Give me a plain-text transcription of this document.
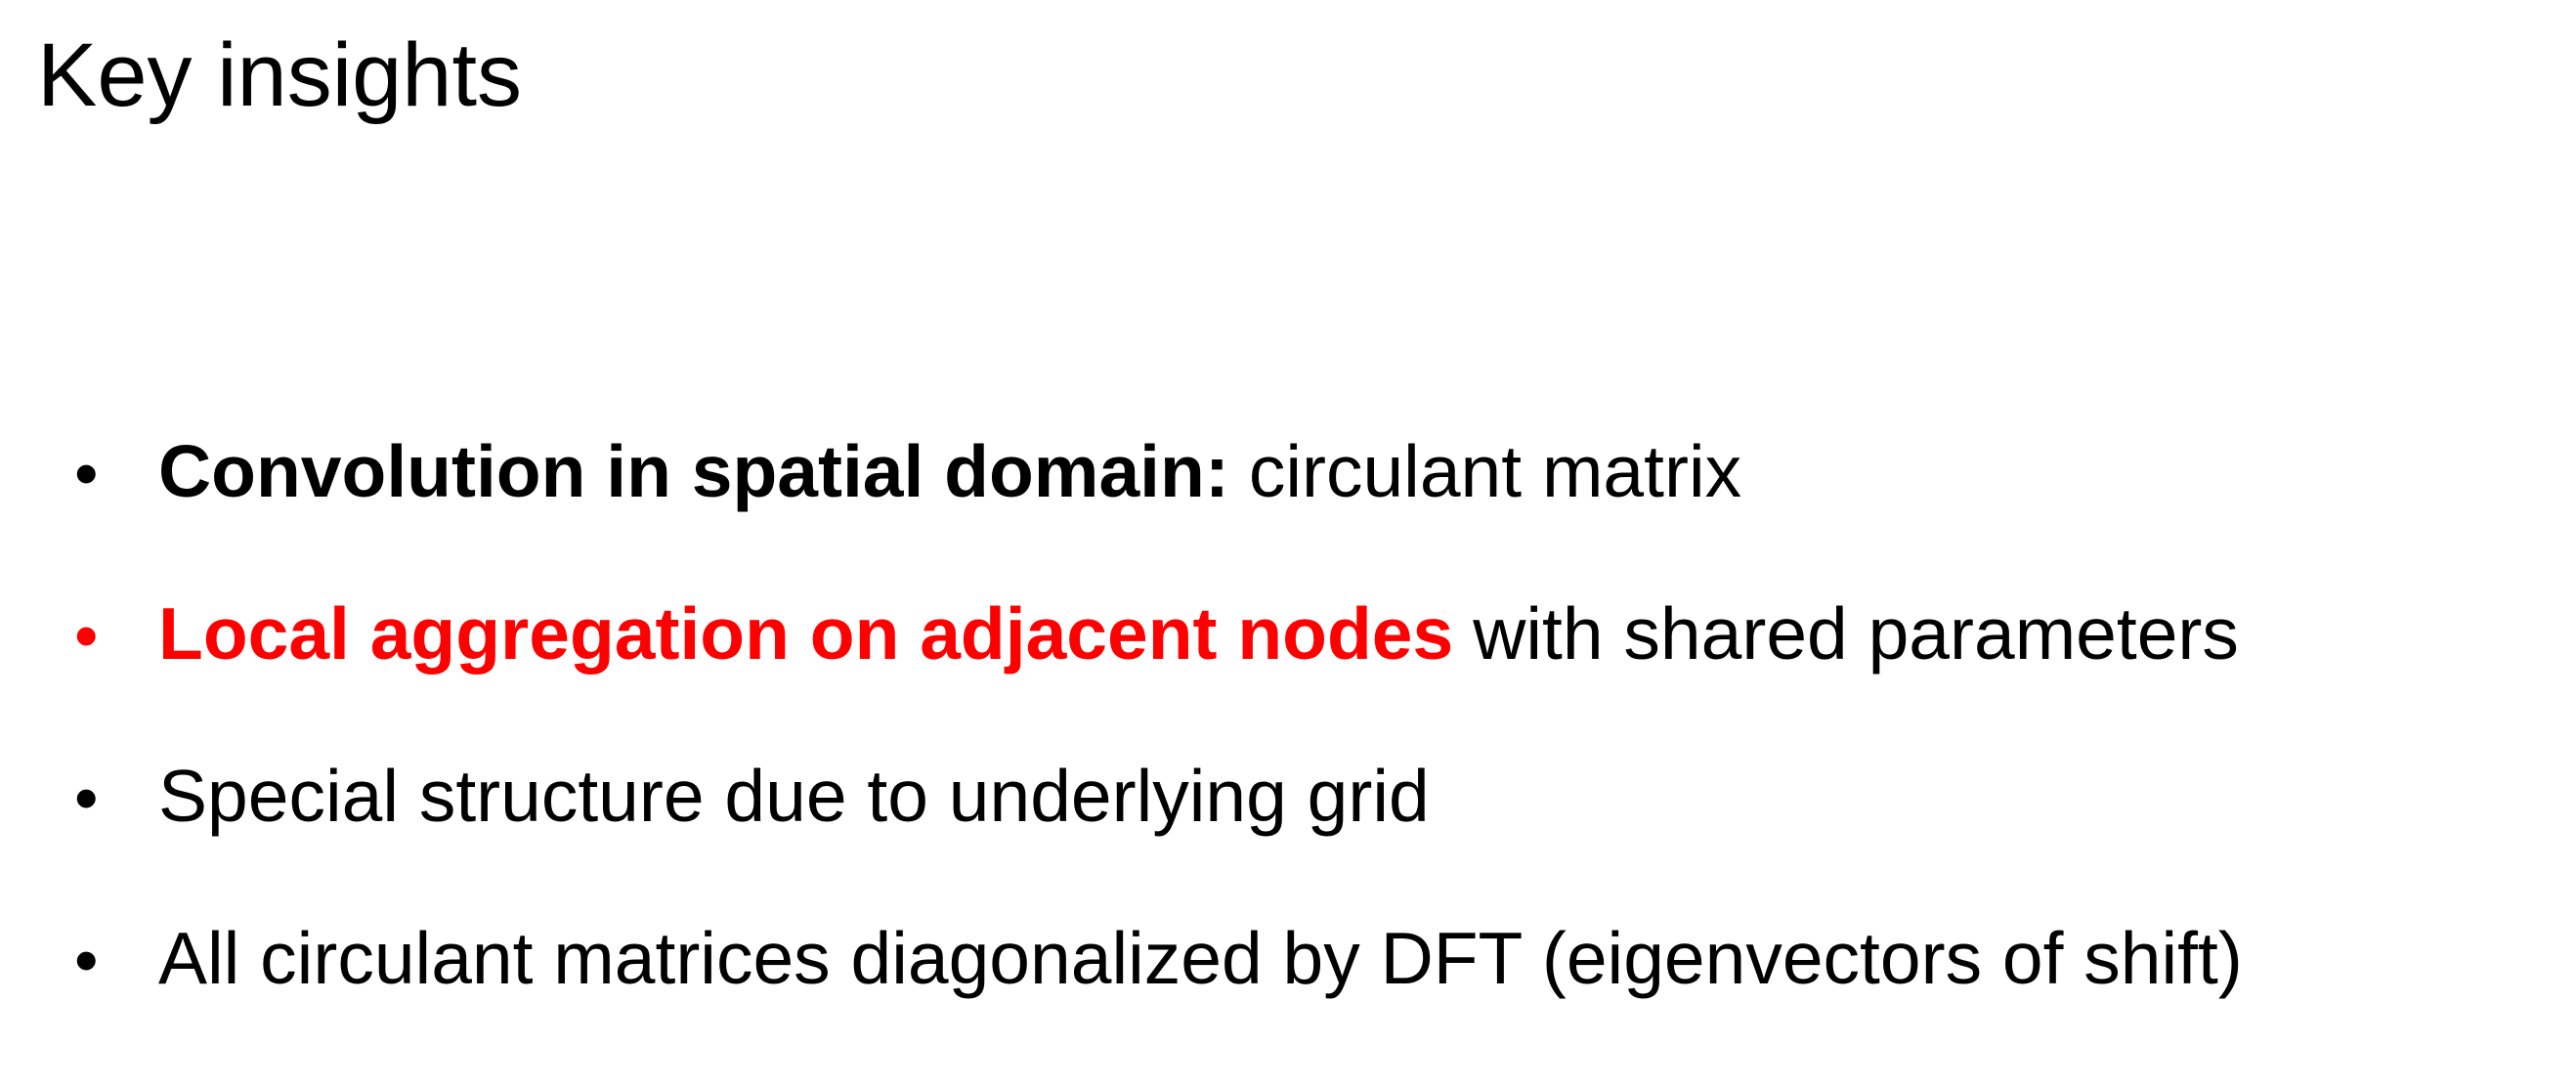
Key insights
• Convolution in spatial domain: circulant matrix
• Local aggregation on adjacent nodes with shared parameters
• Special structure due to underlying grid
• All circulant matrices diagonalized by DFT (eigenvectors of shift)
